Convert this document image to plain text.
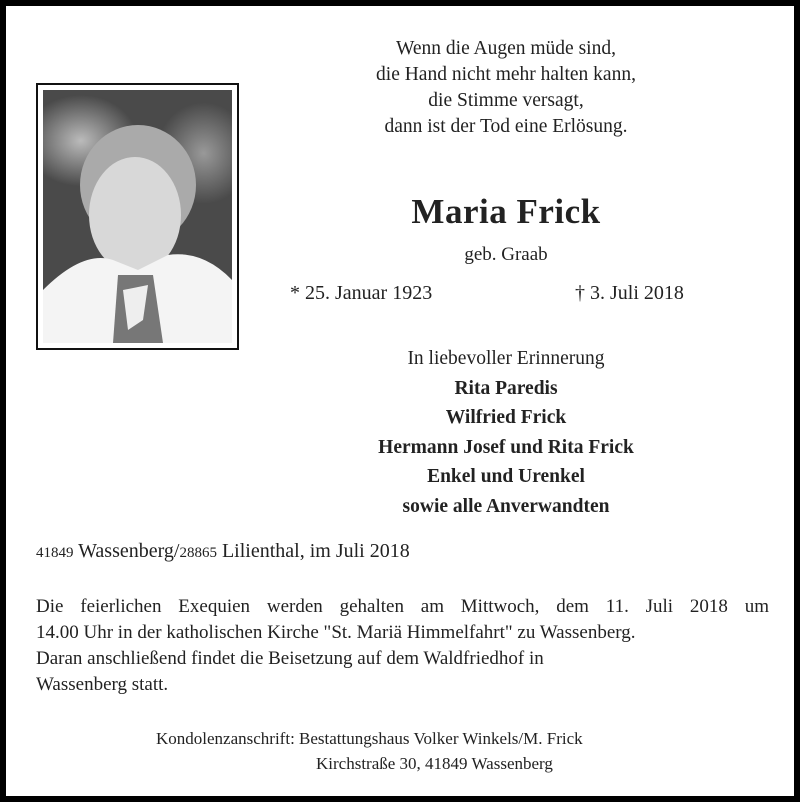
Wenn die Augen müde sind,
die Hand nicht mehr halten kann,
die Stimme versagt,
dann ist der Tod eine Erlösung.
Maria Frick
geb. Graab
* 25. Januar 1923	† 3. Juli 2018
In liebevoller Erinnerung
Rita Paredis
Wilfried Frick
Hermann Josef und Rita Frick
Enkel und Urenkel
sowie alle Anverwandten
41849 Wassenberg/28865 Lilienthal, im Juli 2018
Die feierlichen Exequien werden gehalten am Mittwoch, dem 11. Juli 2018 um
14.00 Uhr in der katholischen Kirche "St. Mariä Himmelfahrt" zu Wassenberg.
Daran anschließend findet die Beisetzung auf dem Waldfriedhof in
Wassenberg statt.
Kondolenzanschrift: Bestattungshaus Volker Winkels/M. Frick
Kirchstraße 30, 41849 Wassenberg
